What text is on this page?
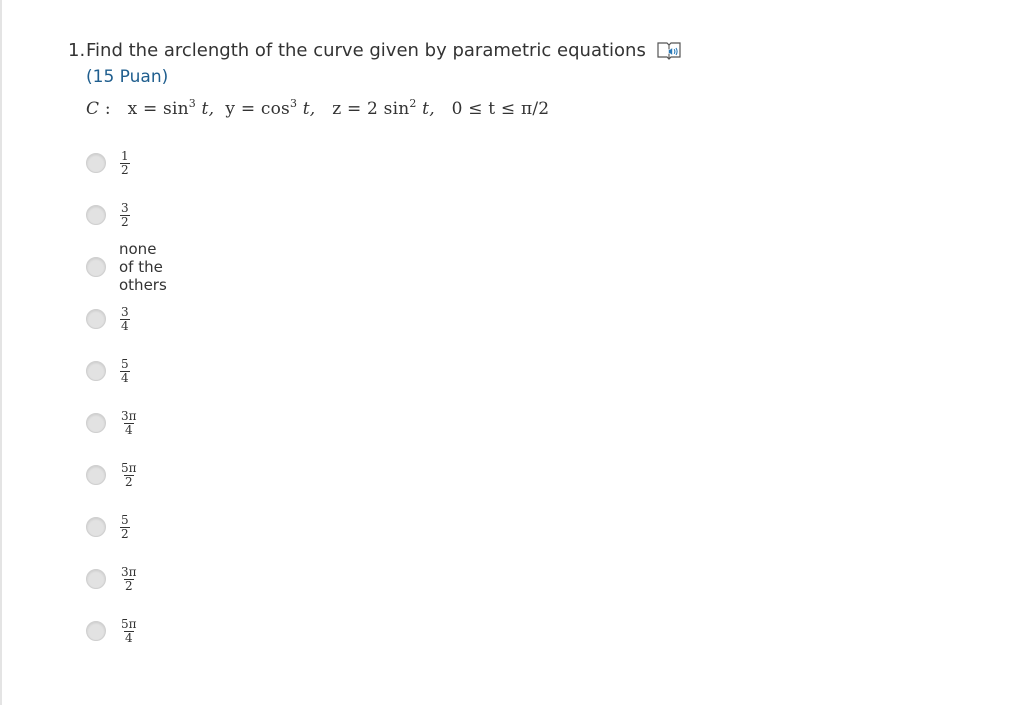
1. Find the arclength of the curve given by parametric equations
(15 Puan)
C : $x = \sin^3 t$, $y = \cos^3 t$, z = 2 $\sin^2 t$, 0 ≤ t ≤ π/2
$\frac{1}{2}$
$\frac{3}{2}$
none of the others
$\frac{3}{4}$
$\frac{5}{4}$
$\frac{3\pi}{4}$
$\frac{5\pi}{2}$
$\frac{5}{2}$
$\frac{3\pi}{2}$
$\frac{5\pi}{4}$
